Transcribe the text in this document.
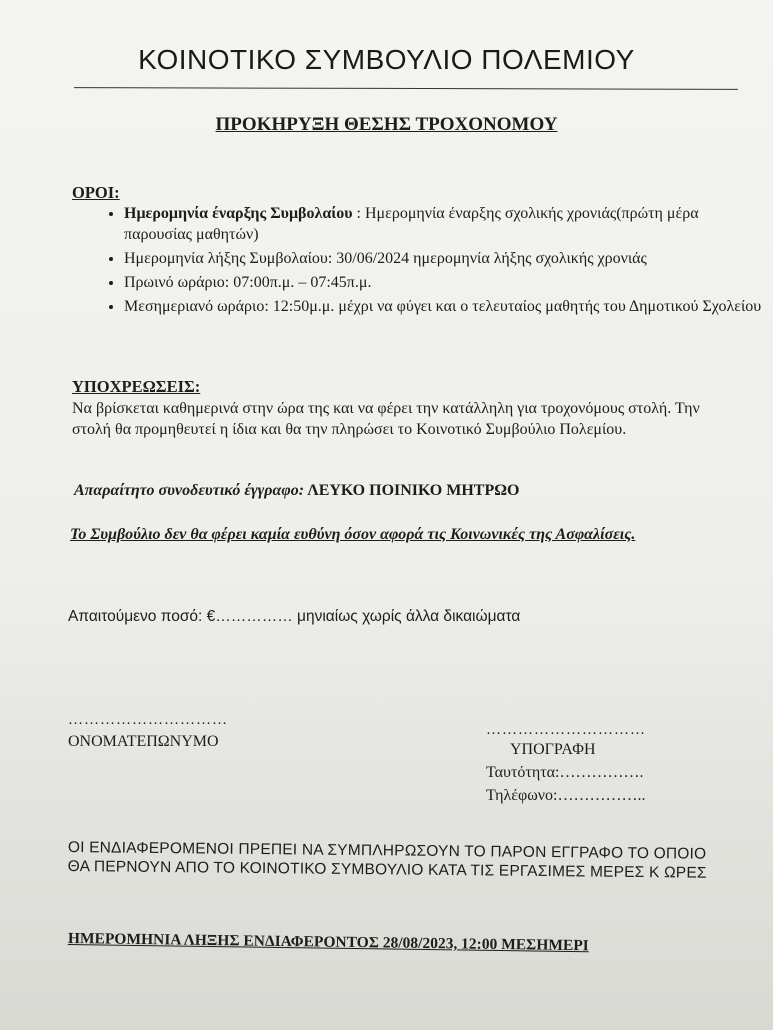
ΚΟΙΝΟΤΙΚΟ ΣΥΜΒΟΥΛΙΟ ΠΟΛΕΜΙΟΥ
ΠΡΟΚΗΡΥΞΗ ΘΕΣΗΣ ΤΡΟΧΟΝΟΜΟΥ
ΟΡΟΙ:
• Ημερομηνία έναρξης Συμβολαίου : Ημερομηνία έναρξης σχολικής χρονιάς(πρώτη μέρα παρουσίας μαθητών)
• Ημερομηνία λήξης Συμβολαίου: 30/06/2024 ημερομηνία λήξης σχολικής χρονιάς
• Πρωινό ωράριο: 07:00π.μ. – 07:45π.μ.
• Μεσημεριανό ωράριο: 12:50μ.μ. μέχρι να φύγει και ο τελευταίος μαθητής του Δημοτικού Σχολείου
ΥΠΟΧΡΕΩΣΕΙΣ:
Να βρίσκεται καθημερινά στην ώρα της και να φέρει την κατάλληλη για τροχονόμους στολή. Την στολή θα προμηθευτεί η ίδια και θα την πληρώσει το Κοινοτικό Συμβούλιο Πολεμίου.
Απαραίτητο συνοδευτικό έγγραφο: ΛΕΥΚΟ ΠΟΙΝΙΚΟ ΜΗΤΡΩΟ
Το Συμβούλιο δεν θα φέρει καμία ευθύνη όσον αφορά τις Κοινωνικές της Ασφαλίσεις.
Απαιτούμενο ποσό: €…………… μηνιαίως χωρίς άλλα δικαιώματα
…………………………
ΟΝΟΜΑΤΕΠΩΝΥΜΟ
…………………………
ΥΠΟΓΡΑΦΗ
Ταυτότητα:…………….
Τηλέφωνο:……………..
ΟΙ ΕΝΔΙΑΦΕΡΟΜΕΝΟΙ ΠΡΕΠΕΙ ΝΑ ΣΥΜΠΛΗΡΩΣΟΥΝ ΤΟ ΠΑΡΟΝ ΕΓΓΡΑΦΟ ΤΟ ΟΠΟΙΟ ΘΑ ΠΕΡΝΟΥΝ ΑΠΟ ΤΟ ΚΟΙΝΟΤΙΚΟ ΣΥΜΒΟΥΛΙΟ ΚΑΤΑ ΤΙΣ ΕΡΓΑΣΙΜΕΣ ΜΕΡΕΣ Κ ΩΡΕΣ
ΗΜΕΡΟΜΗΝΙΑ ΛΗΞΗΣ ΕΝΔΙΑΦΕΡΟΝΤΟΣ 28/08/2023, 12:00 ΜΕΣΗΜΕΡΙ
